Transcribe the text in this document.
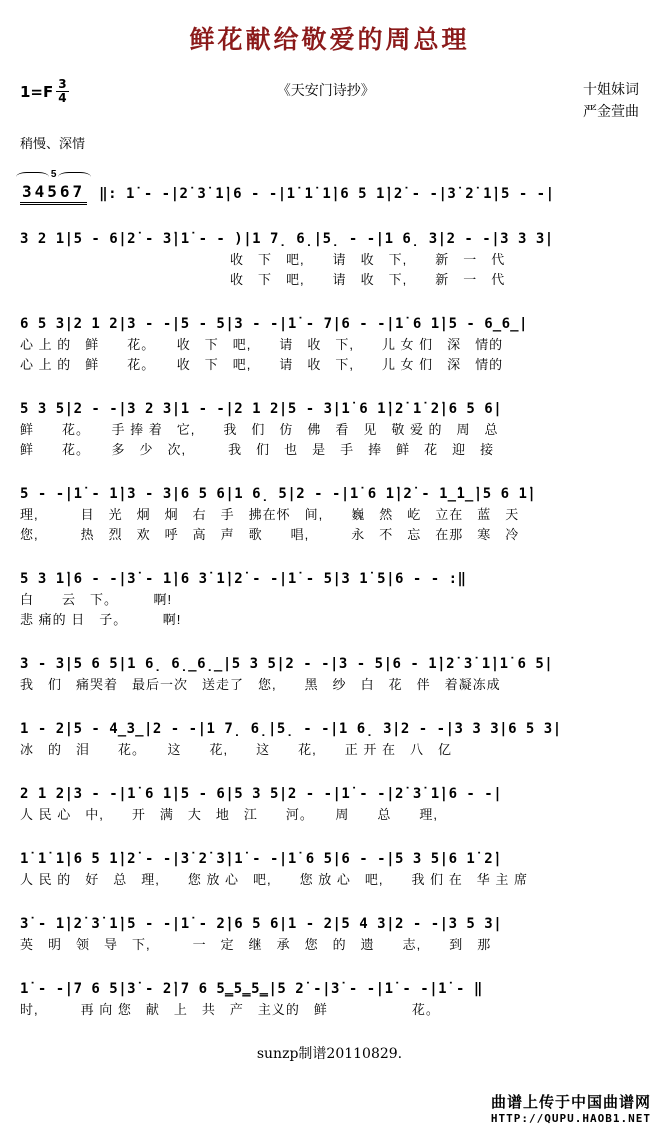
鲜花献给敬爱的周总理
$1=F \frac{3}{4}$	《天安门诗抄》	十姐妹词
严金萱曲
稍慢、深情
5
34567 ‖: 1̇ - -|2̇ 3̇ 1̇|6 - -|1̇ 1̇ 1̇|6 5 1̇|2̇ - -|3̇ 2̇ 1̇|5 - -|
3 2 1|5 - 6|2̇ - 3̇|1̇ - - )|1 7̣ 6̣|5̣ - -|1 6̣ 3|2 - -|3 3 3|
　　　　　　　　　　　　　　　收　下　吧,　　请　收　下,　　新　一　代
　　　　　　　　　　　　　　　收　下　吧,　　请　收　下,　　新　一　代
6 5 3|2 1 2|3 - -|5 - 5|3 - -|1̇ - 7|6 - -|1̇ 6 1̇|5 - 6̲6̲|
心 上 的　鲜　　花。　　收　下　吧,　　请　收　下,　　儿 女 们　深　情的
心 上 的　鲜　　花。　　收　下　吧,　　请　收　下,　　儿 女 们　深　情的
5 3 5|2 - -|3 2 3|1 - -|2 1 2|5 - 3|1̇ 6 1̇|2̇ 1̇ 2̇|6 5 6|
鲜　　花。　　手 捧 着　它,　　我　们　仿　佛　看　见　敬 爱 的　周　总
鲜　　花。　　多　少　次,　　　我　们　也　是　手　捧　鲜　花　迎　接
5 - -|1̇ - 1̇|3 - 3|6 5 6|1 6̣ 5|2 - -|1̇ 6 1̇|2̇ - 1̲̇1̲̇|5 6 1̇|
理,　　　目　光　炯　炯　右　手　拂在怀　间,　　巍　然　屹　立在　蓝　天
您,　　　热　烈　欢　呼　高　声　歌　　唱,　　　永　不　忘　在那　寒　冷
5 3 1̇|6 - -|3̇ - 1̇|6 3̇ 1̇|2̇ - -|1̇ - 5|3 1̇ 5|6 - - :‖
白　　云　下。　　　啊!
悲 痛的 日　子。　　　啊!
3 - 3|5 6 5|1 6̣ 6̣̲6̣̲|5 3 5|2 - -|3 - 5|6 - 1̇|2̇ 3̇ 1̇|1̇ 6 5|
我　们　痛哭着　最后一次　送走了　您,　　黑　纱　白　花　伴　着凝冻成
1 - 2|5 - 4̲3̲|2 - -|1 7̣ 6̣|5̣ - -|1 6̣ 3|2 - -|3 3 3|6 5 3|
冰　的　泪　　花。　　这　　花,　　这　　花,　　正 开 在　八　亿
2 1 2|3 - -|1̇ 6 1̇|5 - 6|5 3 5|2 - -|1̇ - -|2̇ 3̇ 1̇|6 - -|
人 民 心　中,　　开　满　大　地　江　　河。　　周　　总　　理,
1̇ 1̇ 1̇|6 5 1̇|2̇ - -|3̇ 2̇ 3̇|1̇ - -|1̇ 6 5|6 - -|5 3 5|6 1̇ 2̇|
人 民 的　好　总　理,　　您 放 心　吧,　　您 放 心　吧,　　我 们 在　华 主 席
3̇ - 1̇|2̇ 3̇ 1̇|5 - -|1̇ - 2̇|6 5 6|1 - 2|5 4 3|2 - -|3 5 3|
英　明　领　导　下,　　　一　定　继　承　您　的　遗　　志,　　到　那
1̇ - -|7 6 5|3̇ - 2̇|7 6 5̳5̳5̳|5 2̇ -|3̇ - -|1̇ - -|1̇ - ‖
时,　　　再 向 您　献　上　共　产　主义的　鲜　　　　　　花。
sunzp制谱20110829.
曲谱上传于中国曲谱网
HTTP://QUPU.HAOB1.NET
